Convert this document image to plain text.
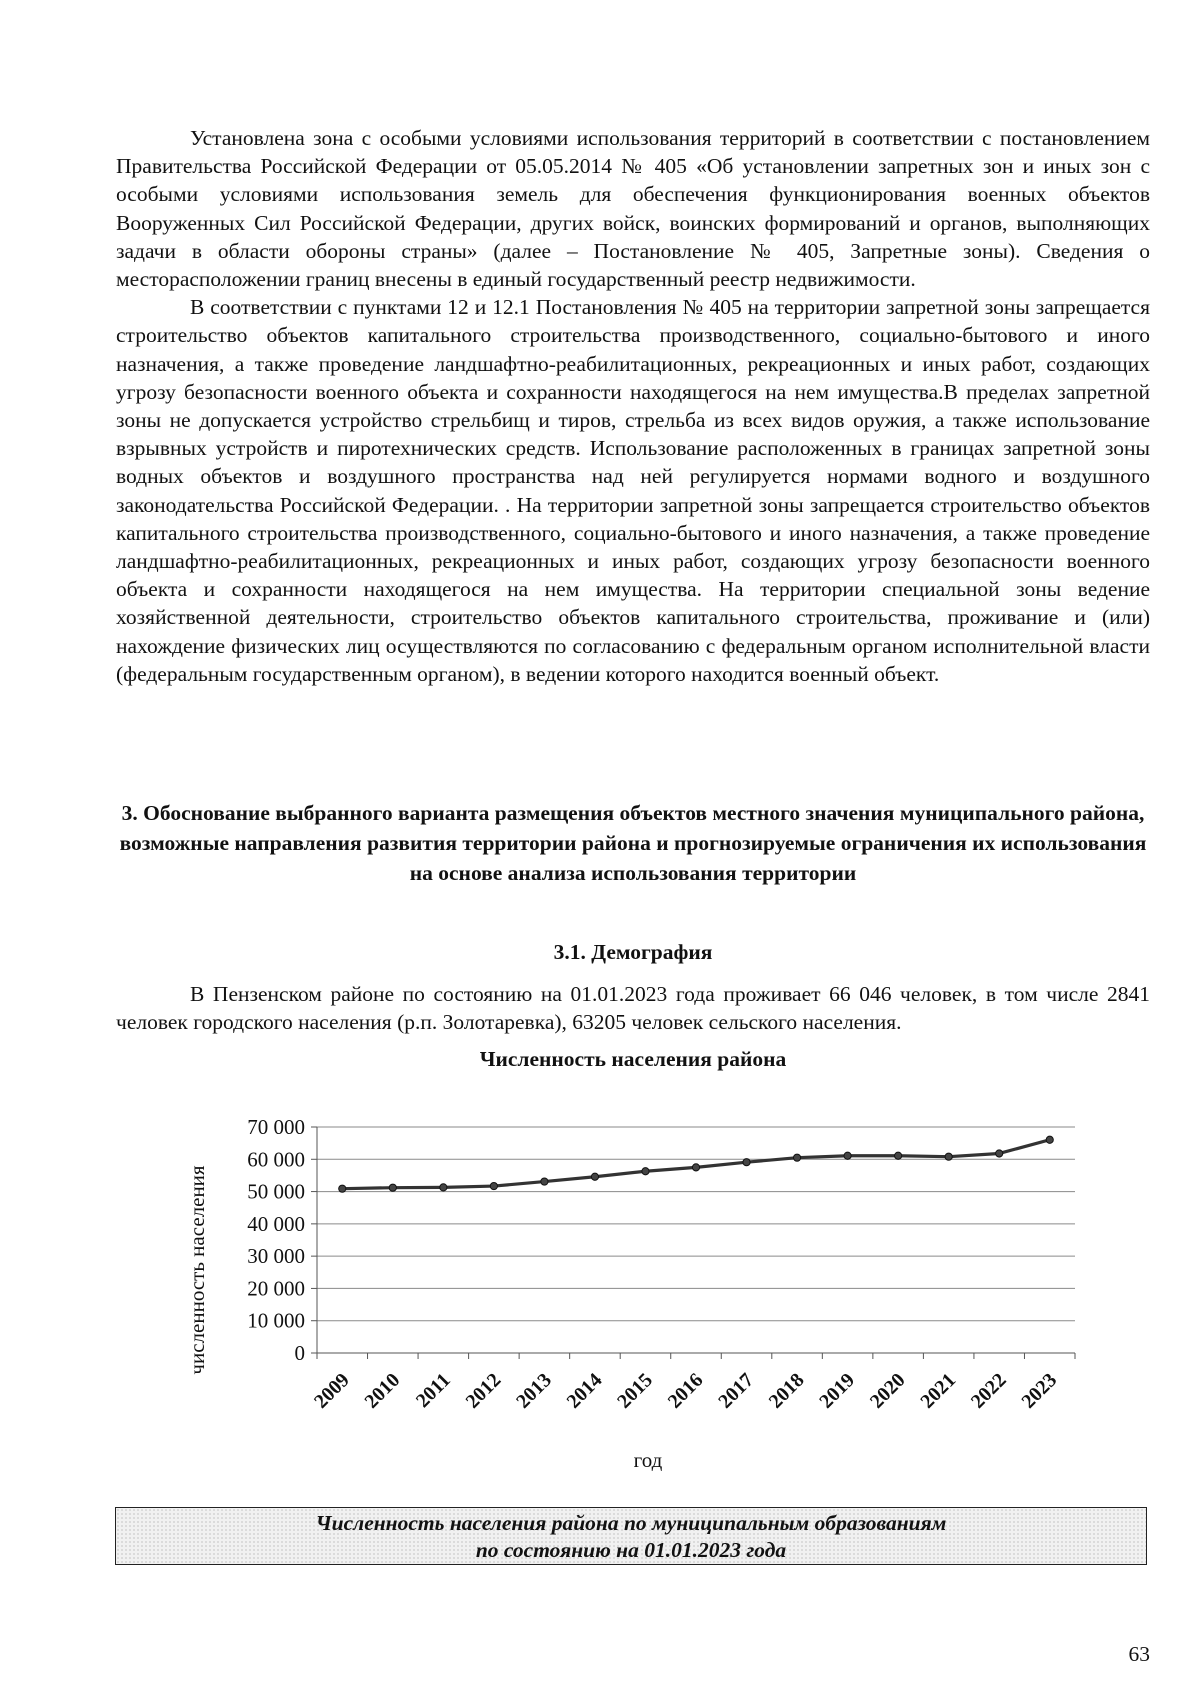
Установлена зона с особыми условиями использования территорий в соответствии с постановлением Правительства Российской Федерации от 05.05.2014 № 405 «Об установлении запретных зон и иных зон с особыми условиями использования земель для обеспечения функционирования военных объектов Вооруженных Сил Российской Федерации, других войск, воинских формирований и органов, выполняющих задачи в области обороны страны» (далее – Постановление № 405, Запретные зоны). Сведения о месторасположении границ внесены в единый государственный реестр недвижимости.

В соответствии с пунктами 12 и 12.1 Постановления № 405 на территории запретной зоны запрещается строительство объектов капитального строительства производственного, социально-бытового и иного назначения, а также проведение ландшафтно-реабилитационных, рекреационных и иных работ, создающих угрозу безопасности военного объекта и сохранности находящегося на нем имущества.В пределах запретной зоны не допускается устройство стрельбищ и тиров, стрельба из всех видов оружия, а также использование взрывных устройств и пиротехнических средств. Использование расположенных в границах запретной зоны водных объектов и воздушного пространства над ней регулируется нормами водного и воздушного законодательства Российской Федерации. . На территории запретной зоны запрещается строительство объектов капитального строительства производственного, социально-бытового и иного назначения, а также проведение ландшафтно-реабилитационных, рекреационных и иных работ, создающих угрозу безопасности военного объекта и сохранности находящегося на нем имущества. На территории специальной зоны ведение хозяйственной деятельности, строительство объектов капитального строительства, проживание и (или) нахождение физических лиц осуществляются по согласованию с федеральным органом исполнительной власти (федеральным государственным органом), в ведении которого находится военный объект.

3. Обоснование выбранного варианта размещения объектов местного значения муниципального района, возможные направления развития территории района и прогнозируемые ограничения их использования на основе анализа использования территории
3.1. Демография

В Пензенском районе по состоянию на 01.01.2023 года проживает 66 046 человек, в том числе 2841 человек городского населения (р.п. Золотаревка), 63205 человек сельского населения.

Численность населения района
0
10 000
20 000
30 000
40 000
50 000
60 000
70 000
2009 2010 2011 2012 2013 2014 2015 2016 2017 2018 2019 2020 2021 2022 2023
численность населения
год
Численность населения района по муниципальным образованиям
по состоянию на 01.01.2023 года
63
